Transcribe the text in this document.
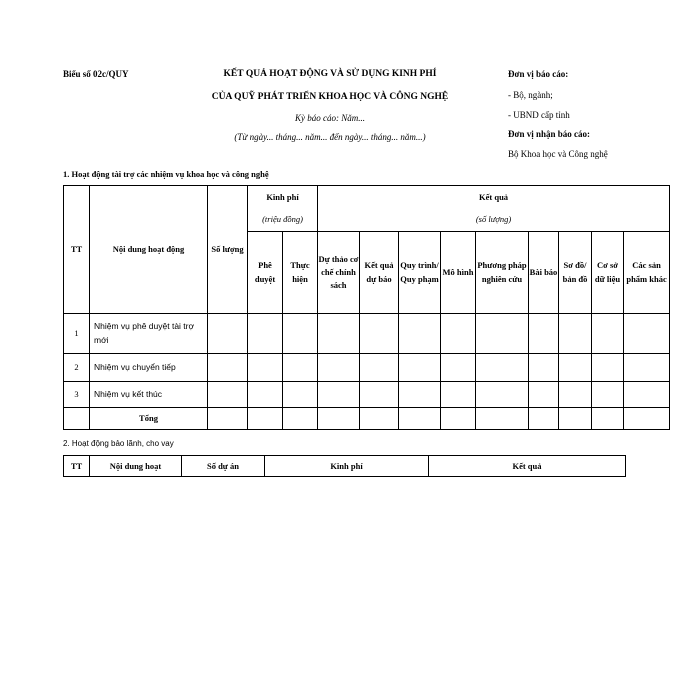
Biểu số 02c/QUY	KẾT QUẢ HOẠT ĐỘNG VÀ SỬ DỤNG KINH PHÍ
CỦA QUỸ PHÁT TRIỂN KHOA HỌC VÀ CÔNG NGHỆ
Kỳ báo cáo: Năm...
(Từ ngày... tháng... năm... đến ngày... tháng... năm...)
Đơn vị báo cáo:
- Bộ, ngành;
- UBND cấp tỉnh
Đơn vị nhận báo cáo:
Bộ Khoa học và Công nghệ
1. Hoạt động tài trợ các nhiệm vụ khoa học và công nghệ
TT	Nội dung hoạt động	Số lượng	Kinh phí		Kết quả								
			(triệu đồng)		(số lượng)								
			Phê duyệt	Thực hiện	Dự thảo cơ chế chính sách	Kết quả dự báo	Quy trình/ Quy phạm	Mô hình	Phương pháp nghiên cứu	Bài báo	Sơ đồ/ bản đồ	Cơ sở dữ liệu	Các sản phẩm khác
1	Nhiệm vụ phê duyệt tài trợ mới												
2	Nhiệm vụ chuyển tiếp												
3	Nhiệm vụ kết thúc												
	Tổng												
2. Hoạt động bảo lãnh, cho vay
TT	Nội dung hoạt	Số dự án	Kinh phí	Kết quả
